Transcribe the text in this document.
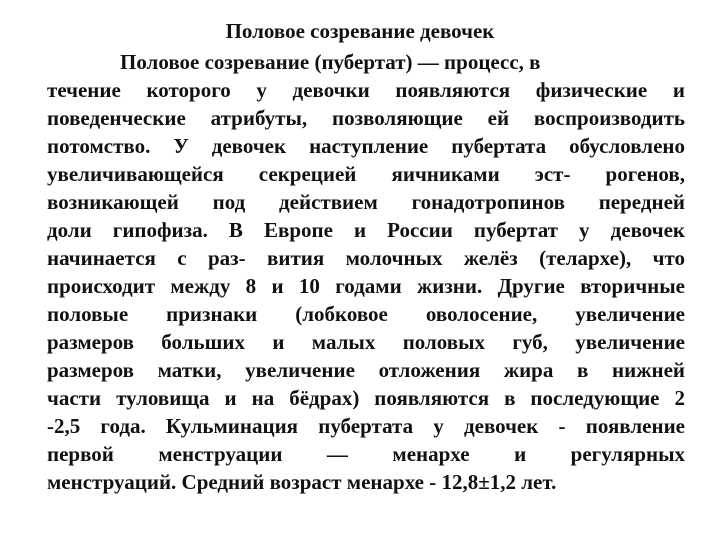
Половое созревание девочек
Половое созревание (пубертат) — процесс, в
течение которого у девочки появляются физические и
поведенческие атрибуты, позволяющие ей воспроизводить
потомство. У девочек наступление пубертата обусловлено
увеличивающейся секрецией яичниками эст- рогенов,
возникающей под действием гонадотропинов передней
доли гипофиза. В Европе и России пубертат у девочек
начинается с раз- вития молочных желёз (телархе), что
происходит между 8 и 10 годами жизни. Другие вторичные
половые признаки (лобковое оволосение, увеличение
размеров больших и малых половых губ, увеличение
размеров матки, увеличение отложения жира в нижней
части туловища и на бёдрах) появляются в последующие 2
-2,5 года. Кульминация пубертата у девочек - появление
первой менструации — менархе и регулярных
менструаций. Средний возраст менархе - 12,8±1,2 лет.
